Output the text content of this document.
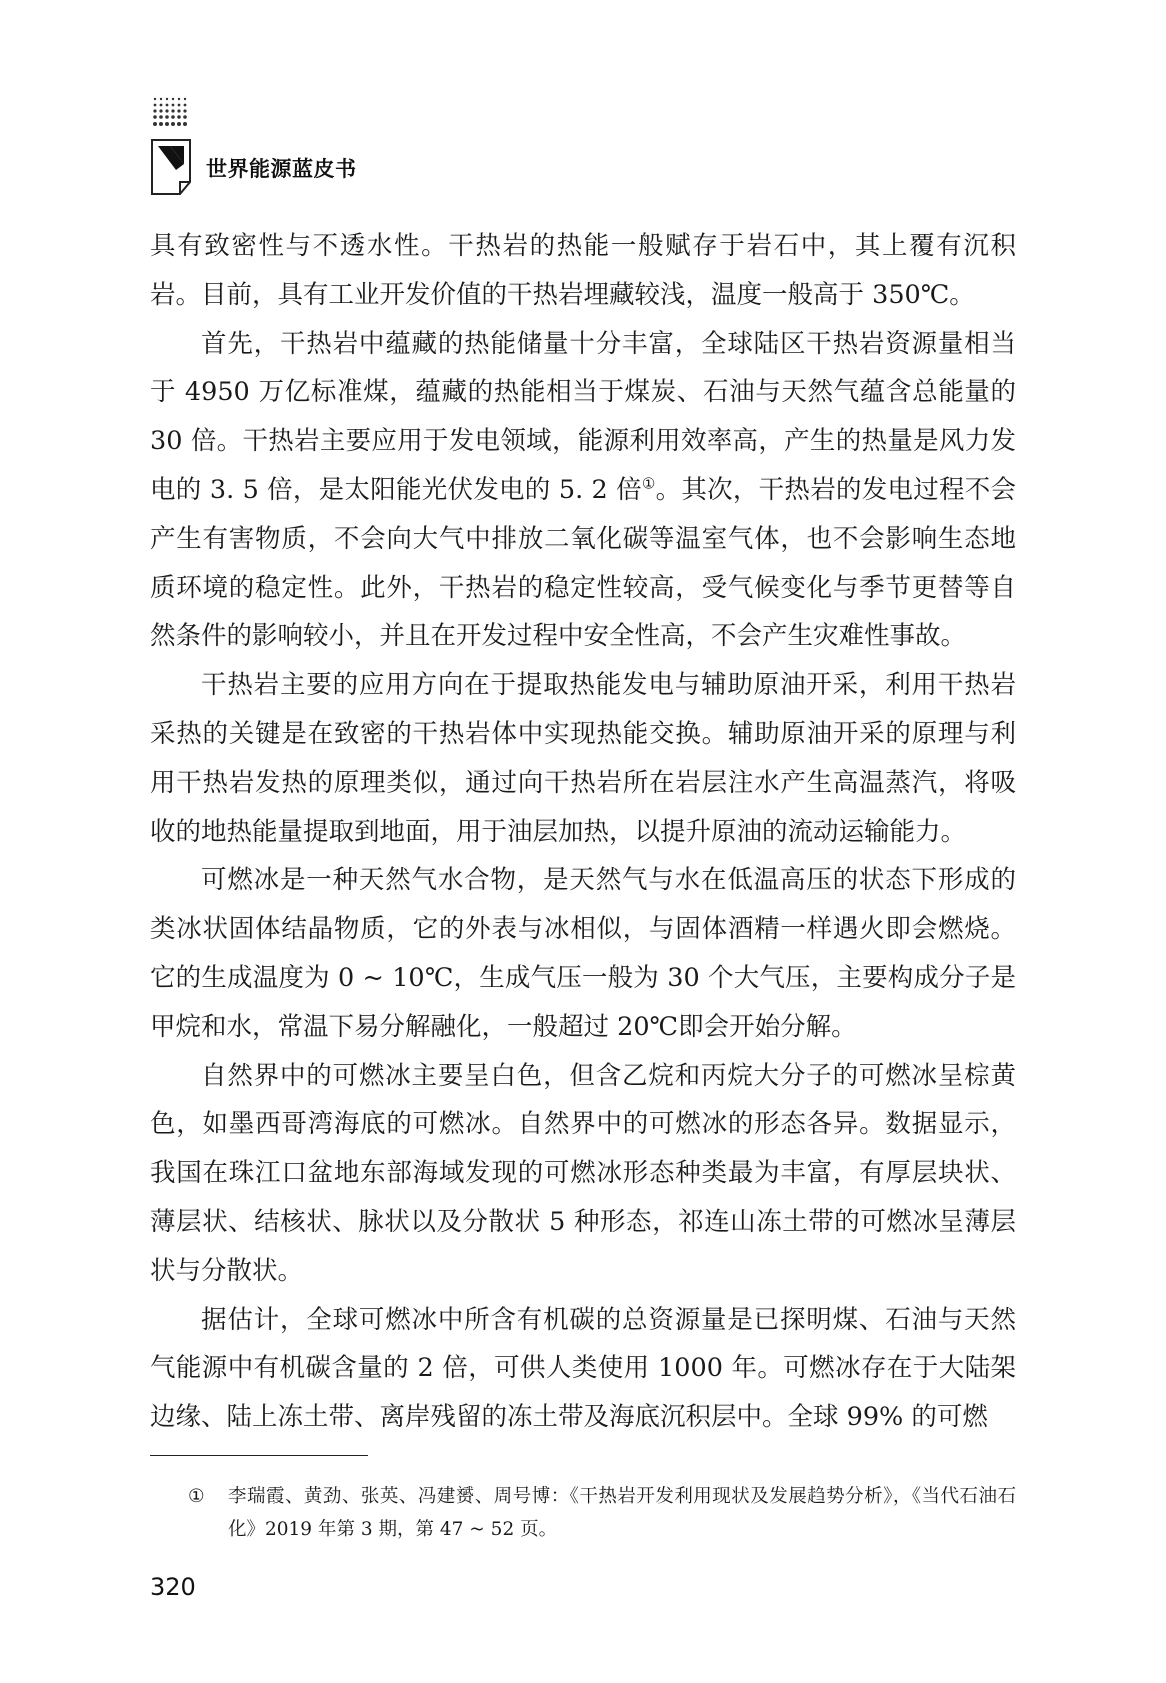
世界能源蓝皮书

具有致密性与不透水性。干热岩的热能一般赋存于岩石中，其上覆有沉积岩。目前，具有工业开发价值的干热岩埋藏较浅，温度一般高于 350℃。

首先，干热岩中蕴藏的热能储量十分丰富，全球陆区干热岩资源量相当于 4950 万亿标准煤，蕴藏的热能相当于煤炭、石油与天然气蕴含总能量的 30 倍。干热岩主要应用于发电领域，能源利用效率高，产生的热量是风力发电的 3. 5 倍，是太阳能光伏发电的 5. 2 倍①。其次，干热岩的发电过程不会产生有害物质，不会向大气中排放二氧化碳等温室气体，也不会影响生态地质环境的稳定性。此外，干热岩的稳定性较高，受气候变化与季节更替等自然条件的影响较小，并且在开发过程中安全性高，不会产生灾难性事故。

干热岩主要的应用方向在于提取热能发电与辅助原油开采，利用干热岩采热的关键是在致密的干热岩体中实现热能交换。辅助原油开采的原理与利用干热岩发热的原理类似，通过向干热岩所在岩层注水产生高温蒸汽，将吸收的地热能量提取到地面，用于油层加热，以提升原油的流动运输能力。

可燃冰是一种天然气水合物，是天然气与水在低温高压的状态下形成的类冰状固体结晶物质，它的外表与冰相似，与固体酒精一样遇火即会燃烧。它的生成温度为 0 ~ 10℃，生成气压一般为 30 个大气压，主要构成分子是甲烷和水，常温下易分解融化，一般超过 20℃即会开始分解。

自然界中的可燃冰主要呈白色，但含乙烷和丙烷大分子的可燃冰呈棕黄色，如墨西哥湾海底的可燃冰。自然界中的可燃冰的形态各异。数据显示，我国在珠江口盆地东部海域发现的可燃冰形态种类最为丰富，有厚层块状、薄层状、结核状、脉状以及分散状 5 种形态，祁连山冻土带的可燃冰呈薄层状与分散状。

据估计，全球可燃冰中所含有机碳的总资源量是已探明煤、石油与天然气能源中有机碳含量的 2 倍，可供人类使用 1000 年。可燃冰存在于大陆架边缘、陆上冻土带、离岸残留的冻土带及海底沉积层中。全球 99% 的可燃

① 李瑞霞、黄劲、张英、冯建赟、周号博：《干热岩开发利用现状及发展趋势分析》，《当代石油石化》2019 年第 3 期，第 47 ~ 52 页。
320
